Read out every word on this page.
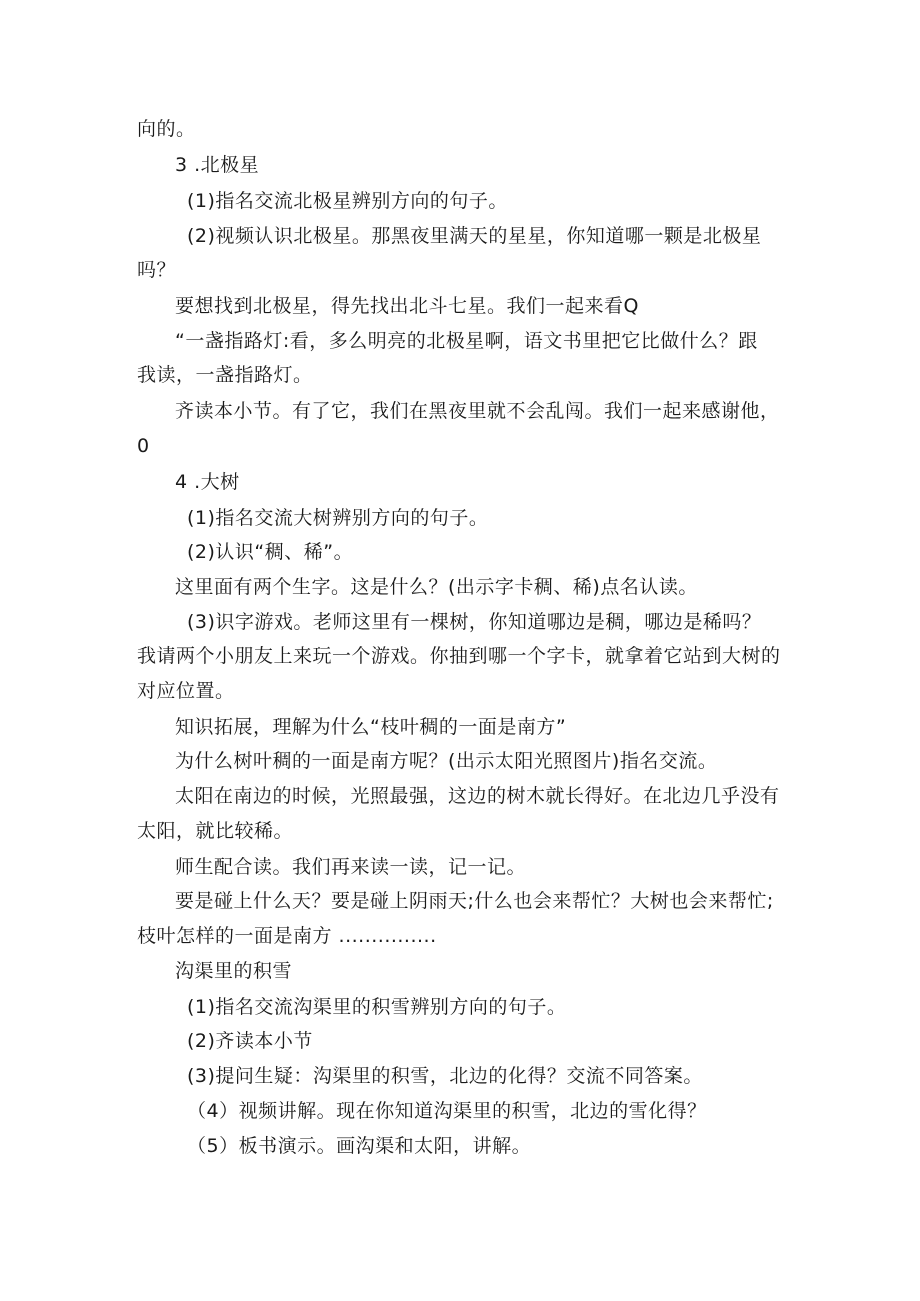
向的。
3 .北极星
(1)指名交流北极星辨别方向的句子。
(2)视频认识北极星。那黑夜里满天的星星，你知道哪一颗是北极星
吗？
要想找到北极星，得先找出北斗七星。我们一起来看Q
“一盏指路灯:看，多么明亮的北极星啊，语文书里把它比做什么？跟
我读，一盏指路灯。
齐读本小节。有了它，我们在黑夜里就不会乱闯。我们一起来感谢他，
0
4 .大树
(1)指名交流大树辨别方向的句子。
(2)认识“稠、稀”。
这里面有两个生字。这是什么？(出示字卡稠、稀)点名认读。
(3)识字游戏。老师这里有一棵树，你知道哪边是稠，哪边是稀吗？
我请两个小朋友上来玩一个游戏。你抽到哪一个字卡，就拿着它站到大树的
对应位置。
知识拓展，理解为什么“枝叶稠的一面是南方”
为什么树叶稠的一面是南方呢？(出示太阳光照图片)指名交流。
太阳在南边的时候，光照最强，这边的树木就长得好。在北边几乎没有
太阳，就比较稀。
师生配合读。我们再来读一读，记一记。
要是碰上什么天？要是碰上阴雨天;什么也会来帮忙？大树也会来帮忙;
枝叶怎样的一面是南方 ...............
沟渠里的积雪
(1)指名交流沟渠里的积雪辨别方向的句子。
(2)齐读本小节
(3)提问生疑：沟渠里的积雪，北边的化得？交流不同答案。
（4）视频讲解。现在你知道沟渠里的积雪，北边的雪化得？
（5）板书演示。画沟渠和太阳，讲解。
